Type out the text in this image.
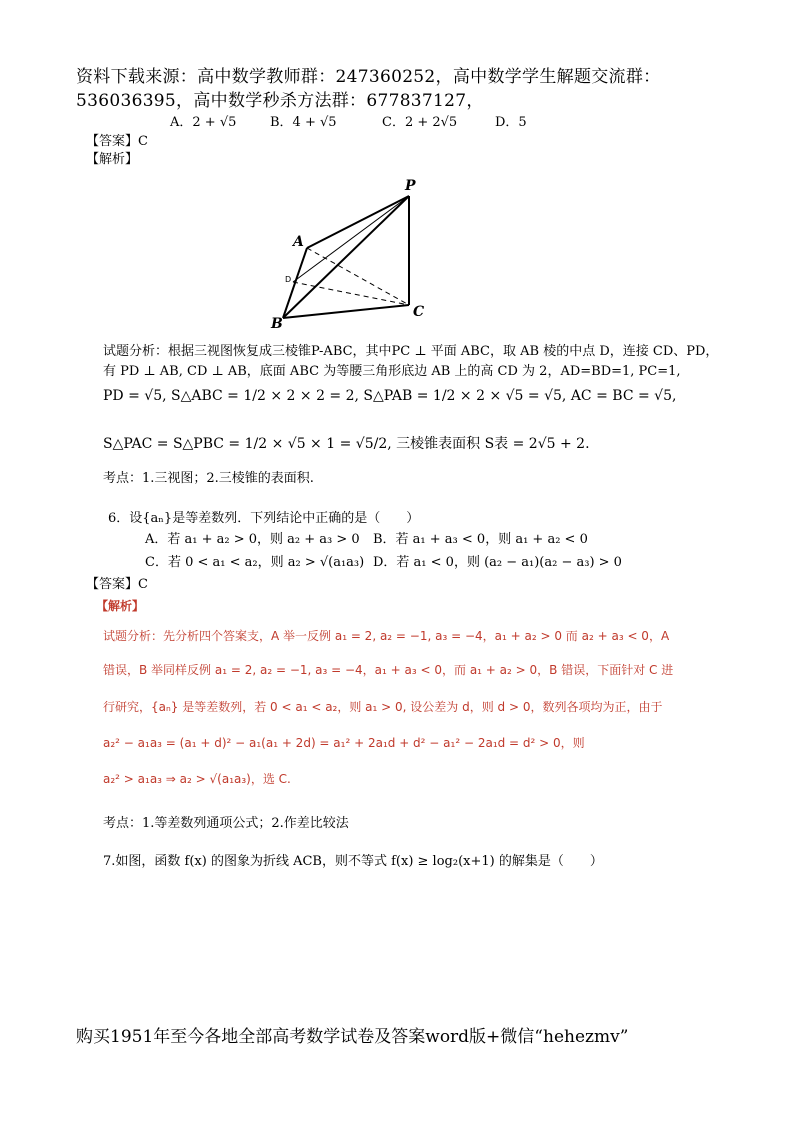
资料下载来源：高中数学教师群：247360252，高中数学学生解题交流群：
536036395，高中数学秒杀方法群：677837127，
A．2 + √5	B．4 + √5	C．2 + 2√5	D．5
【答案】C
【解析】
P
A
D
B
C
试题分析：根据三视图恢复成三棱锥P-ABC，其中PC ⊥ 平面 ABC，取 AB 棱的中点 D，连接 CD、PD，
有 PD ⊥ AB, CD ⊥ AB，底面 ABC 为等腰三角形底边 AB 上的高 CD 为 2，AD=BD=1, PC=1,
PD = √5, S△ABC = 1/2 × 2 × 2 = 2, S△PAB = 1/2 × 2 × √5 = √5, AC = BC = √5,
S△PAC = S△PBC = 1/2 × √5 × 1 = √5/2, 三棱锥表面积 S表 = 2√5 + 2.
考点：1.三视图；2.三棱锥的表面积.
6．设{aₙ}是等差数列．下列结论中正确的是（　　）
A．若 a₁ + a₂ > 0，则 a₂ + a₃ > 0 B．若 a₁ + a₃ < 0，则 a₁ + a₂ < 0
C．若 0 < a₁ < a₂，则 a₂ > √(a₁a₃) D．若 a₁ < 0，则 (a₂ − a₁)(a₂ − a₃) > 0
【答案】C
【解析】
试题分析：先分析四个答案支，A 举一反例 a₁ = 2, a₂ = −1, a₃ = −4，a₁ + a₂ > 0 而 a₂ + a₃ < 0，A
错误，B 举同样反例 a₁ = 2, a₂ = −1, a₃ = −4，a₁ + a₃ < 0，而 a₁ + a₂ > 0，B 错误，下面针对 C 进
行研究，{aₙ} 是等差数列，若 0 < a₁ < a₂，则 a₁ > 0, 设公差为 d，则 d > 0，数列各项均为正，由于
a₂² − a₁a₃ = (a₁ + d)² − a₁(a₁ + 2d) = a₁² + 2a₁d + d² − a₁² − 2a₁d = d² > 0，则
a₂² > a₁a₃ ⇒ a₂ > √(a₁a₃)，选 C.
考点：1.等差数列通项公式；2.作差比较法
7.如图，函数 f(x) 的图象为折线 ACB，则不等式 f(x) ≥ log₂(x+1) 的解集是（　　）
购买1951年至今各地全部高考数学试卷及答案word版+微信“hehezmv”
